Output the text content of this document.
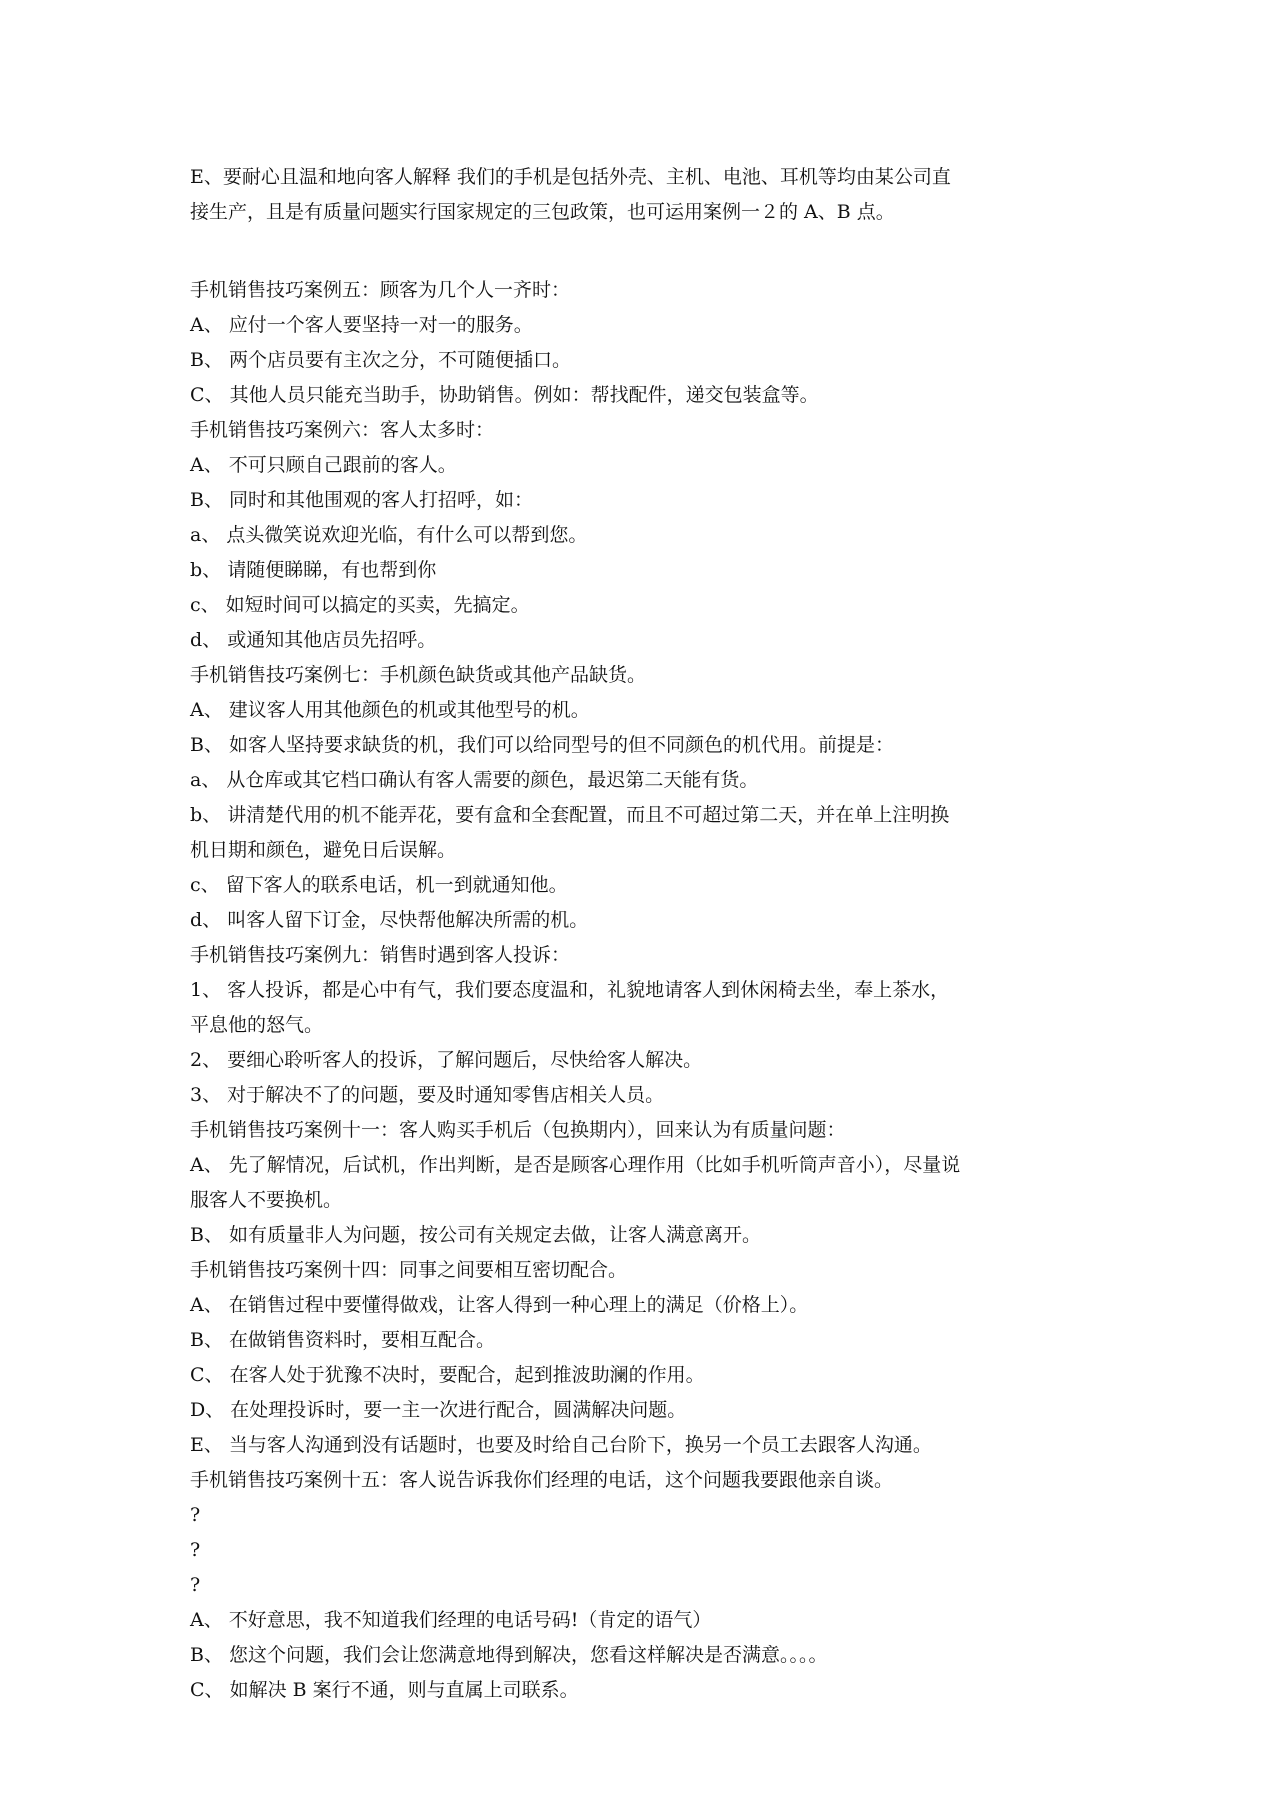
E、要耐心且温和地向客人解释 我们的手机是包括外壳、主机、电池、耳机等均由某公司直

接生产，且是有质量问题实行国家规定的三包政策，也可运用案例一２的 A、B 点。

手机销售技巧案例五：顾客为几个人一齐时：

A、 应付一个客人要坚持一对一的服务。

B、 两个店员要有主次之分，不可随便插口。

C、 其他人员只能充当助手，协助销售。例如：帮找配件，递交包装盒等。

手机销售技巧案例六：客人太多时：

A、 不可只顾自己跟前的客人。

B、 同时和其他围观的客人打招呼，如：

a、 点头微笑说欢迎光临，有什么可以帮到您。

b、 请随便睇睇，有也帮到你

c、 如短时间可以搞定的买卖，先搞定。

d、 或通知其他店员先招呼。

手机销售技巧案例七：手机颜色缺货或其他产品缺货。

A、 建议客人用其他颜色的机或其他型号的机。

B、 如客人坚持要求缺货的机，我们可以给同型号的但不同颜色的机代用。前提是：

a、 从仓库或其它档口确认有客人需要的颜色，最迟第二天能有货。

b、 讲清楚代用的机不能弄花，要有盒和全套配置，而且不可超过第二天，并在单上注明换

机日期和颜色，避免日后误解。

c、 留下客人的联系电话，机一到就通知他。

d、 叫客人留下订金，尽快帮他解决所需的机。

手机销售技巧案例九：销售时遇到客人投诉：

1、 客人投诉，都是心中有气，我们要态度温和，礼貌地请客人到休闲椅去坐，奉上茶水，

平息他的怒气。

2、 要细心聆听客人的投诉，了解问题后，尽快给客人解决。

3、 对于解决不了的问题，要及时通知零售店相关人员。

手机销售技巧案例十一：客人购买手机后（包换期内），回来认为有质量问题：

A、 先了解情况，后试机，作出判断，是否是顾客心理作用（比如手机听筒声音小），尽量说

服客人不要换机。

B、 如有质量非人为问题，按公司有关规定去做，让客人满意离开。

手机销售技巧案例十四：同事之间要相互密切配合。

A、 在销售过程中要懂得做戏，让客人得到一种心理上的满足（价格上）。

B、 在做销售资料时，要相互配合。

C、 在客人处于犹豫不决时，要配合，起到推波助澜的作用。

D、 在处理投诉时，要一主一次进行配合，圆满解决问题。

E、 当与客人沟通到没有话题时，也要及时给自己台阶下，换另一个员工去跟客人沟通。

手机销售技巧案例十五：客人说告诉我你们经理的电话，这个问题我要跟他亲自谈。

?

?

?

A、 不好意思，我不知道我们经理的电话号码!（肯定的语气）

B、 您这个问题，我们会让您满意地得到解决，您看这样解决是否满意。。。。

C、 如解决 B 案行不通，则与直属上司联系。
